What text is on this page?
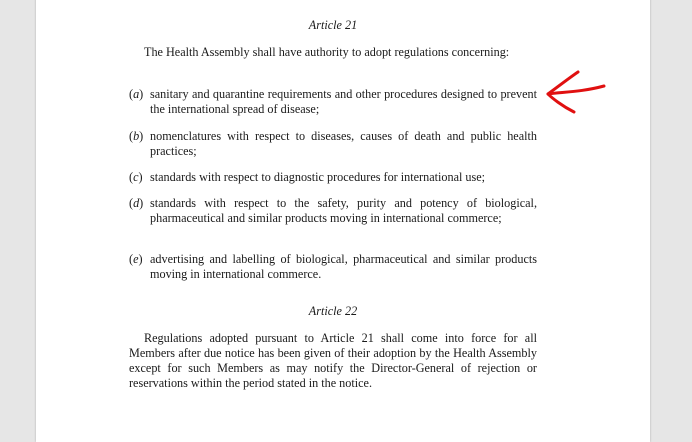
Article 21
The Health Assembly shall have authority to adopt regulations concerning:
(a) sanitary and quarantine requirements and other procedures designed to prevent the international spread of disease;
(b) nomenclatures with respect to diseases, causes of death and public health practices;
(c) standards with respect to diagnostic procedures for international use;
(d) standards with respect to the safety, purity and potency of biological, pharmaceutical and similar products moving in international commerce;
(e) advertising and labelling of biological, pharmaceutical and similar products moving in international commerce.
Article 22
Regulations adopted pursuant to Article 21 shall come into force for all Members after due notice has been given of their adoption by the Health Assembly except for such Members as may notify the Director-General of rejection or reservations within the period stated in the notice.
